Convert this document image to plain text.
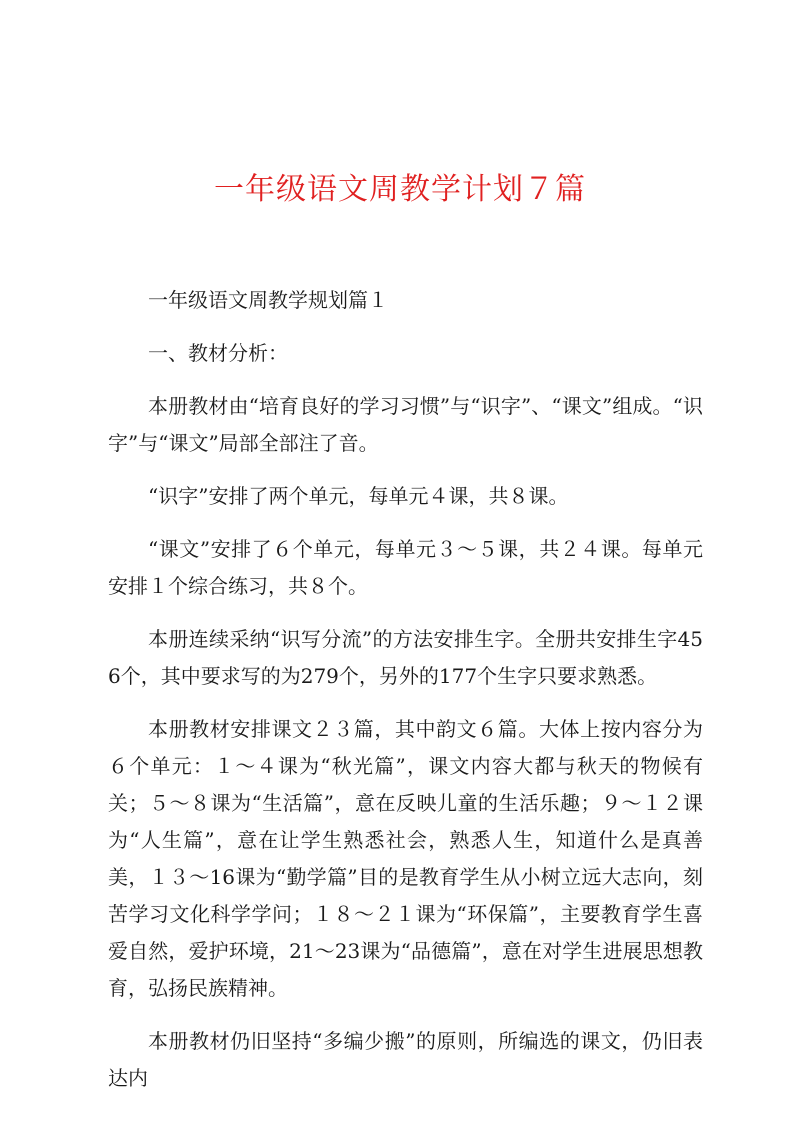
一年级语文周教学计划７篇

一年级语文周教学规划篇１

一、教材分析：

本册教材由“培育良好的学习习惯”与“识字”、“课文”组成。“识字”与“课文”局部全部注了音。

“识字”安排了两个单元，每单元４课，共８课。

“课文”安排了６个单元，每单元３～５课，共２４课。每单元安排１个综合练习，共８个。

本册连续采纳“识写分流”的方法安排生字。全册共安排生字456个，其中要求写的为279个，另外的177个生字只要求熟悉。

本册教材安排课文２３篇，其中韵文６篇。大体上按内容分为６个单元：１～４课为“秋光篇”，课文内容大都与秋天的物候有关；５～８课为“生活篇”，意在反映儿童的生活乐趣；９～１２课为“人生篇”，意在让学生熟悉社会，熟悉人生，知道什么是真善美，１３～16课为“勤学篇”目的是教育学生从小树立远大志向，刻苦学习文化科学学问；１８～２１课为“环保篇”，主要教育学生喜爱自然，爱护环境，21～23课为“品德篇”，意在对学生进展思想教育，弘扬民族精神。

本册教材仍旧坚持“多编少搬”的原则，所编选的课文，仍旧表达内
